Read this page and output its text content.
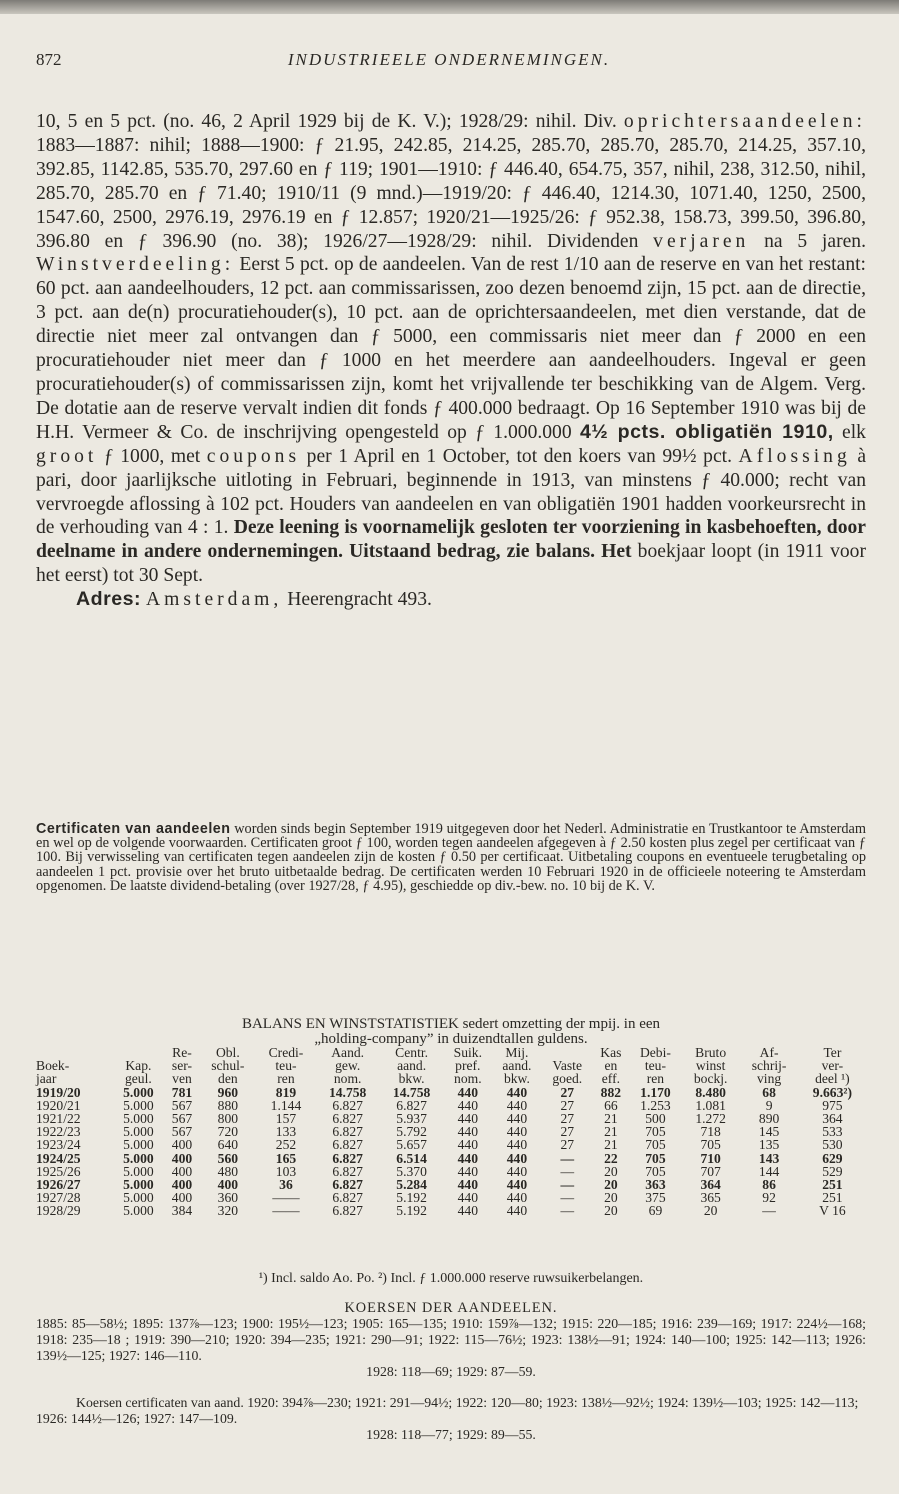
872	INDUSTRIEELE ONDERNEMINGEN.

10, 5 en 5 pct. (no. 46, 2 April 1929 bij de K. V.); 1928/29: nihil. Div. oprichtersaandeelen: 1883—1887: nihil; 1888—1900: ƒ 21.95, 242.85, 214.25, 285.70, 285.70, 285.70, 214.25, 357.10, 392.85, 1142.85, 535.70, 297.60 en ƒ 119; 1901—1910: ƒ 446.40, 654.75, 357, nihil, 238, 312.50, nihil, 285.70, 285.70 en ƒ 71.40; 1910/11 (9 mnd.)—1919/20: ƒ 446.40, 1214.30, 1071.40, 1250, 2500, 1547.60, 2500, 2976.19, 2976.19 en ƒ 12.857; 1920/21—1925/26: ƒ 952.38, 158.73, 399.50, 396.80, 396.80 en ƒ 396.90 (no. 38); 1926/27—1928/29: nihil. Dividenden verjaren na 5 jaren. Winstverdeeling: Eerst 5 pct. op de aandeelen. Van de rest 1/10 aan de reserve en van het restant: 60 pct. aan aandeelhouders, 12 pct. aan commissarissen, zoo dezen benoemd zijn, 15 pct. aan de directie, 3 pct. aan de(n) procuratiehouder(s), 10 pct. aan de oprichtersaandeelen, met dien verstande, dat de directie niet meer zal ontvangen dan ƒ 5000, een commissaris niet meer dan ƒ 2000 en een procuratiehouder niet meer dan ƒ 1000 en het meerdere aan aandeelhouders. Ingeval er geen procuratiehouder(s) of commissarissen zijn, komt het vrijvallende ter beschikking van de Algem. Verg. De dotatie aan de reserve vervalt indien dit fonds ƒ 400.000 bedraagt. Op 16 September 1910 was bij de H.H. Vermeer & Co. de inschrijving opengesteld op ƒ 1.000.000 4½ pcts. obligatiën 1910, elk groot ƒ 1000, met coupons per 1 April en 1 October, tot den koers van 99½ pct. Aflossing à pari, door jaarlijksche uitloting in Februari, beginnende in 1913, van minstens ƒ 40.000; recht van vervroegde aflossing à 102 pct. Houders van aandeelen en van obligatiën 1901 hadden voorkeursrecht in de verhouding van 4 : 1. Deze leening is voornamelijk gesloten ter voorziening in kasbehoeften, door deelname in andere ondernemingen. Uitstaand bedrag, zie balans. Het boekjaar loopt (in 1911 voor het eerst) tot 30 Sept.

Adres: Amsterdam, Heerengracht 493.

Certificaten van aandeelen worden sinds begin September 1919 uitgegeven door het Nederl. Administratie en Trustkantoor te Amsterdam en wel op de volgende voorwaarden. Certificaten groot ƒ 100, worden tegen aandeelen afgegeven à ƒ 2.50 kosten plus zegel per certificaat van ƒ 100. Bij verwisseling van certificaten tegen aandeelen zijn de kosten ƒ 0.50 per certificaat. Uitbetaling coupons en eventueele terugbetaling op aandeelen 1 pct. provisie over het bruto uitbetaalde bedrag. De certificaten werden 10 Februari 1920 in de officieele noteering te Amsterdam opgenomen. De laatste dividend-betaling (over 1927/28, ƒ 4.95), geschiedde op div.-bew. no. 10 bij de K. V.

BALANS EN WINSTSTATISTIEK sedert omzetting der mpij. in een
„holding-company” in duizendtallen guldens.
		Re-	Obl.	Credi-	Aand.	Centr.	Suik.	Mij.		Kas	Debi-	Bruto	Af-	Ter
Boek-	Kap.	ser-	schul-	teu-	gew.	aand.	pref.	aand.	Vaste	en	teu-	winst	schrij-	ver-
jaar	geul.	ven	den	ren	nom.	bkw.	nom.	bkw.	goed.	eff.	ren	bockj.	ving	deel ¹)
1919/20	5.000	781	960	819	14.758	14.758	440	440	27	882	1.170	8.480	68	9.663²)
1920/21	5.000	567	880	1.144	6.827	6.827	440	440	27	66	1.253	1.081	9	975
1921/22	5.000	567	800	157	6.827	5.937	440	440	27	21	500	1.272	890	364
1922/23	5.000	567	720	133	6.827	5.792	440	440	27	21	705	718	145	533
1923/24	5.000	400	640	252	6.827	5.657	440	440	27	21	705	705	135	530
1924/25	5.000	400	560	165	6.827	6.514	440	440	—	22	705	710	143	629
1925/26	5.000	400	480	103	6.827	5.370	440	440	—	20	705	707	144	529
1926/27	5.000	400	400	36	6.827	5.284	440	440	—	20	363	364	86	251
1927/28	5.000	400	360	——	6.827	5.192	440	440	—	20	375	365	92	251
1928/29	5.000	384	320	——	6.827	5.192	440	440	—	20	69	20	—	V 16
¹) Incl. saldo Ao. Po. ²) Incl. ƒ 1.000.000 reserve ruwsuikerbelangen.
KOERSEN DER AANDEELEN.

1885: 85—58½; 1895: 137⅞—123; 1900: 195½—123; 1905: 165—135; 1910: 159⅞—132; 1915: 220—185; 1916: 239—169; 1917: 224½—168; 1918: 235—18 ; 1919: 390—210; 1920: 394—235; 1921: 290—91; 1922: 115—76½; 1923: 138½—91; 1924: 140—100; 1925: 142—113; 1926: 139½—125; 1927: 146—110.

1928: 118—69; 1929: 87—59.

Koersen certificaten van aand. 1920: 394⅞—230; 1921: 291—94½; 1922: 120—80; 1923: 138½—92½; 1924: 139½—103; 1925: 142—113; 1926: 144½—126; 1927: 147—109.

1928: 118—77; 1929: 89—55.
